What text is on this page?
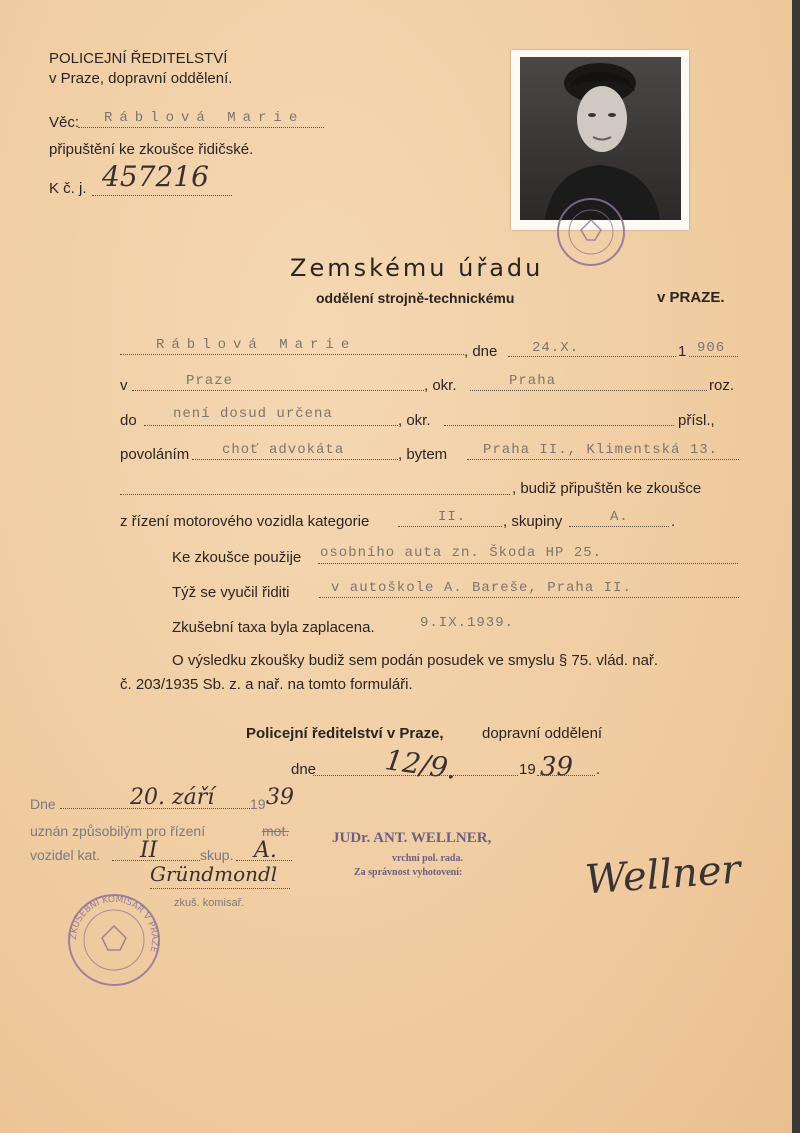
POLICEJNÍ ŘEDITELSTVÍ
v Praze, dopravní oddělení.
Věc: Ráblová Marie
připuštění ke zkoušce řidičské.
K č. j. 457216
Zemskému úřadu
oddělení strojně-technickému	v PRAZE.
Ráblová Marie	, dne 24.X.	1 906
v	Praze	, okr.	Praha	roz.
do	není dosud určena	, okr.	přísl.,
povoláním choť advokáta	, bytem	Praha II., Klimentská 13.
, budiž připuštěn ke zkoušce
z řízení motorového vozidla kategorie	II. , skupiny	A.	.
Ke zkoušce použije osobního auta zn. Škoda HP 25.
Týž se vyučil řiditi	v autoškole A. Bareše, Praha II.
Zkušební taxa byla zaplacena.	9.IX.1939.
O výsledku zkoušky budiž sem podán posudek ve smyslu § 75. vlád. nař.
č. 203/1935 Sb. z. a nař. na tomto formuláři.
Policejní ředitelství v Praze,	dopravní oddělení
dne 12/9.	19 39 .
Dne	20. září	19 39
uznán způsobilým pro řízení	mot.
vozidel kat. II	skup. A.
Gründmondl
zkuš. komisař.
ZKUŠEBNÍ KOMISAŘ V PRAZE
JUDr. ANT. WELLNER,
vrchní pol. rada.
Za správnost vyhotovení:	Wellner
